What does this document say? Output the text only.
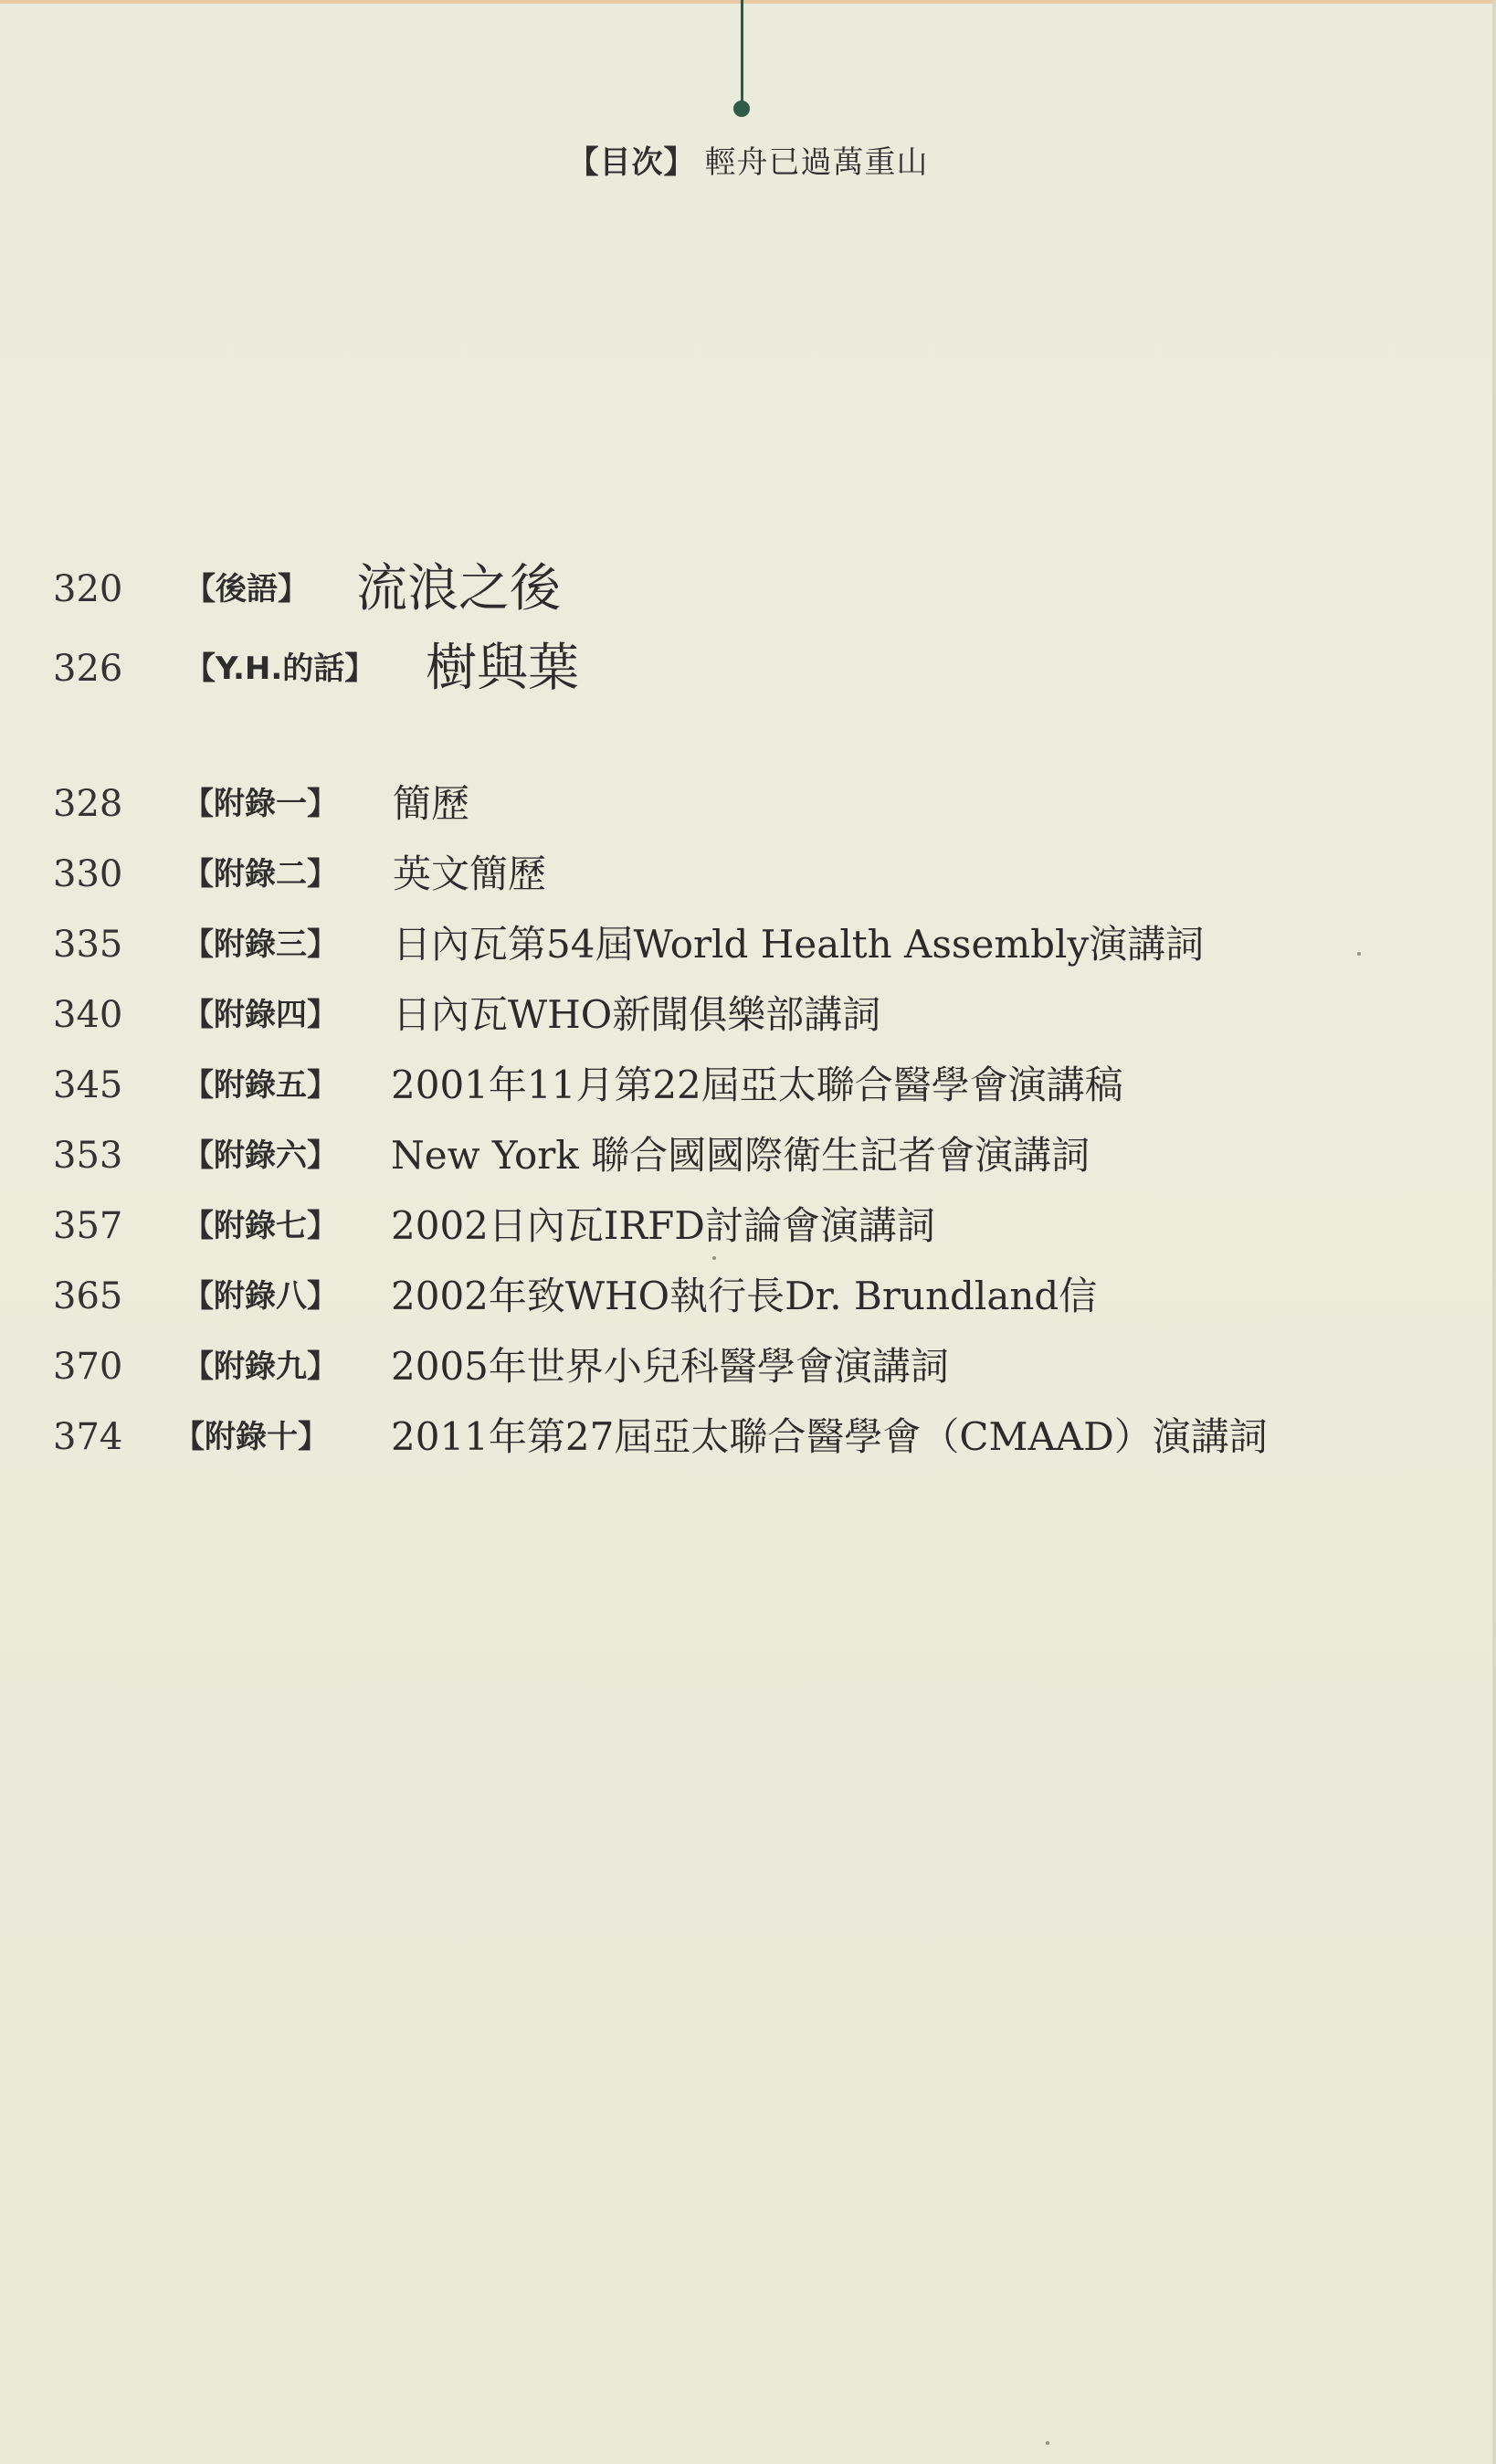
【目次】 輕舟已過萬重山
320 【後語】 流浪之後
326 【Y.H.的話】 樹與葉
328 【附錄一】 簡歷
330 【附錄二】 英文簡歷
335 【附錄三】 日內瓦第54屆World Health Assembly演講詞
340 【附錄四】 日內瓦WHO新聞俱樂部講詞
345 【附錄五】 2001年11月第22屆亞太聯合醫學會演講稿
353 【附錄六】 New York 聯合國國際衛生記者會演講詞
357 【附錄七】 2002日內瓦IRFD討論會演講詞
365 【附錄八】 2002年致WHO執行長Dr. Brundland信
370 【附錄九】 2005年世界小兒科醫學會演講詞
374 【附錄十】 2011年第27屆亞太聯合醫學會（CMAAD）演講詞
